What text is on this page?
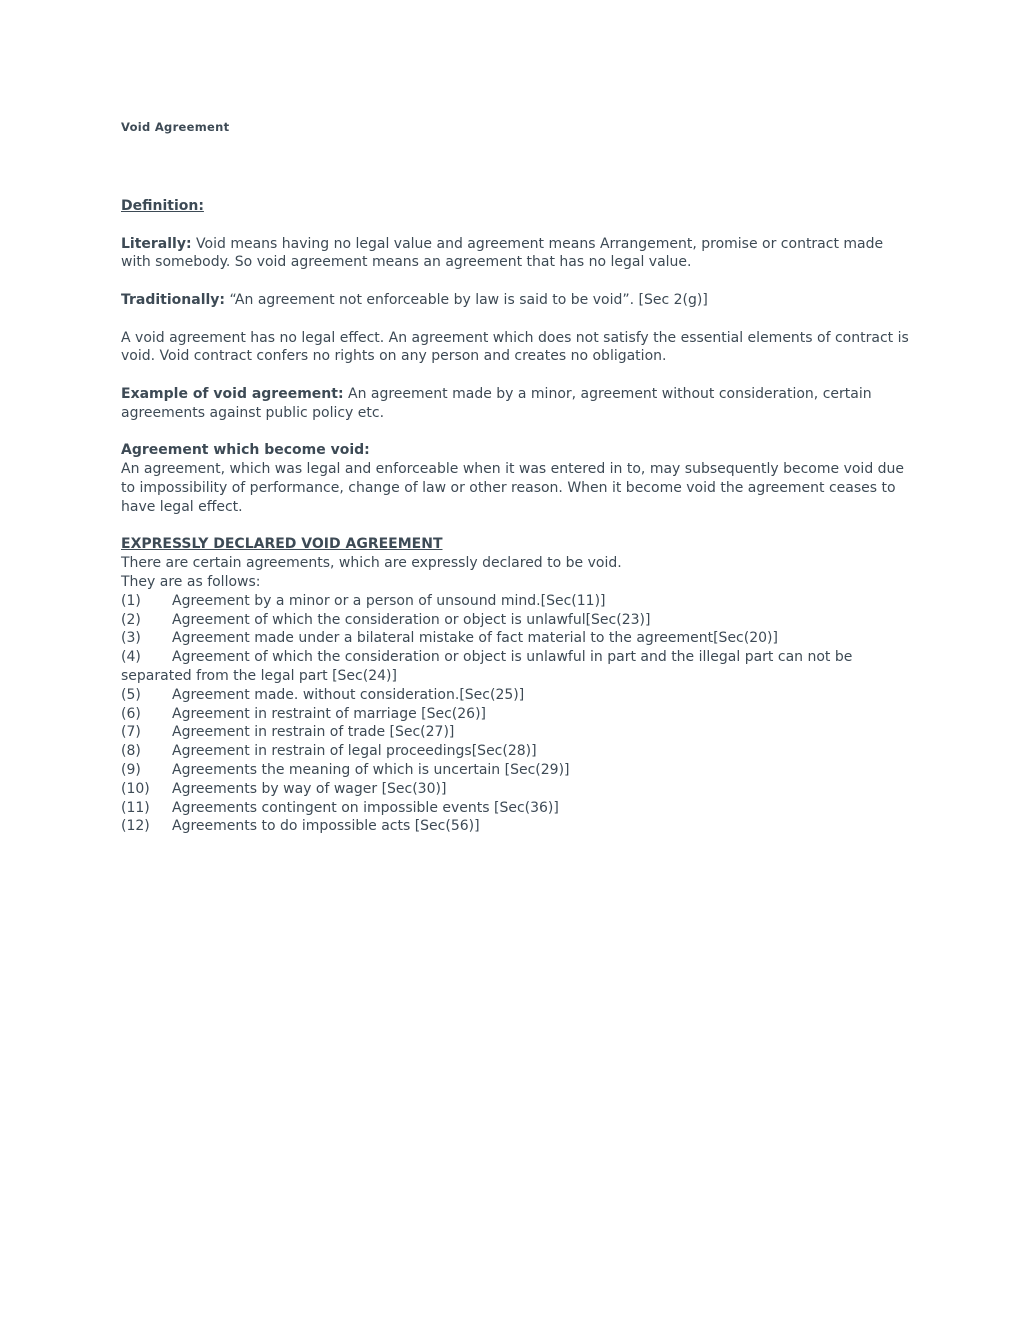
Void Agreement

Definition:

Literally: Void means having no legal value and agreement means Arrangement, promise or contract made with somebody. So void agreement means an agreement that has no legal value.

Traditionally: “An agreement not enforceable by law is said to be void”. [Sec 2(g)]

A void agreement has no legal effect. An agreement which does not satisfy the essential elements of contract is void. Void contract confers no rights on any person and creates no obligation.

Example of void agreement: An agreement made by a minor, agreement without consideration, certain agreements against public policy etc.

Agreement which become void:

An agreement, which was legal and enforceable when it was entered in to, may subsequently become void due to impossibility of performance, change of law or other reason. When it become void the agreement ceases to have legal effect.

EXPRESSLY DECLARED VOID AGREEMENT

There are certain agreements, which are expressly declared to be void.

They are as follows:

(1) Agreement by a minor or a person of unsound mind.[Sec(11)]
(2) Agreement of which the consideration or object is unlawful[Sec(23)]
(3) Agreement made under a bilateral mistake of fact material to the agreement[Sec(20)]
(4) Agreement of which the consideration or object is unlawful in part and the illegal part can not be separated from the legal part [Sec(24)]
(5) Agreement made. without consideration.[Sec(25)]
(6) Agreement in restraint of marriage [Sec(26)]
(7) Agreement in restrain of trade [Sec(27)]
(8) Agreement in restrain of legal proceedings[Sec(28)]
(9) Agreements the meaning of which is uncertain [Sec(29)]
(10) Agreements by way of wager [Sec(30)]
(11) Agreements contingent on impossible events [Sec(36)]
(12) Agreements to do impossible acts [Sec(56)]
